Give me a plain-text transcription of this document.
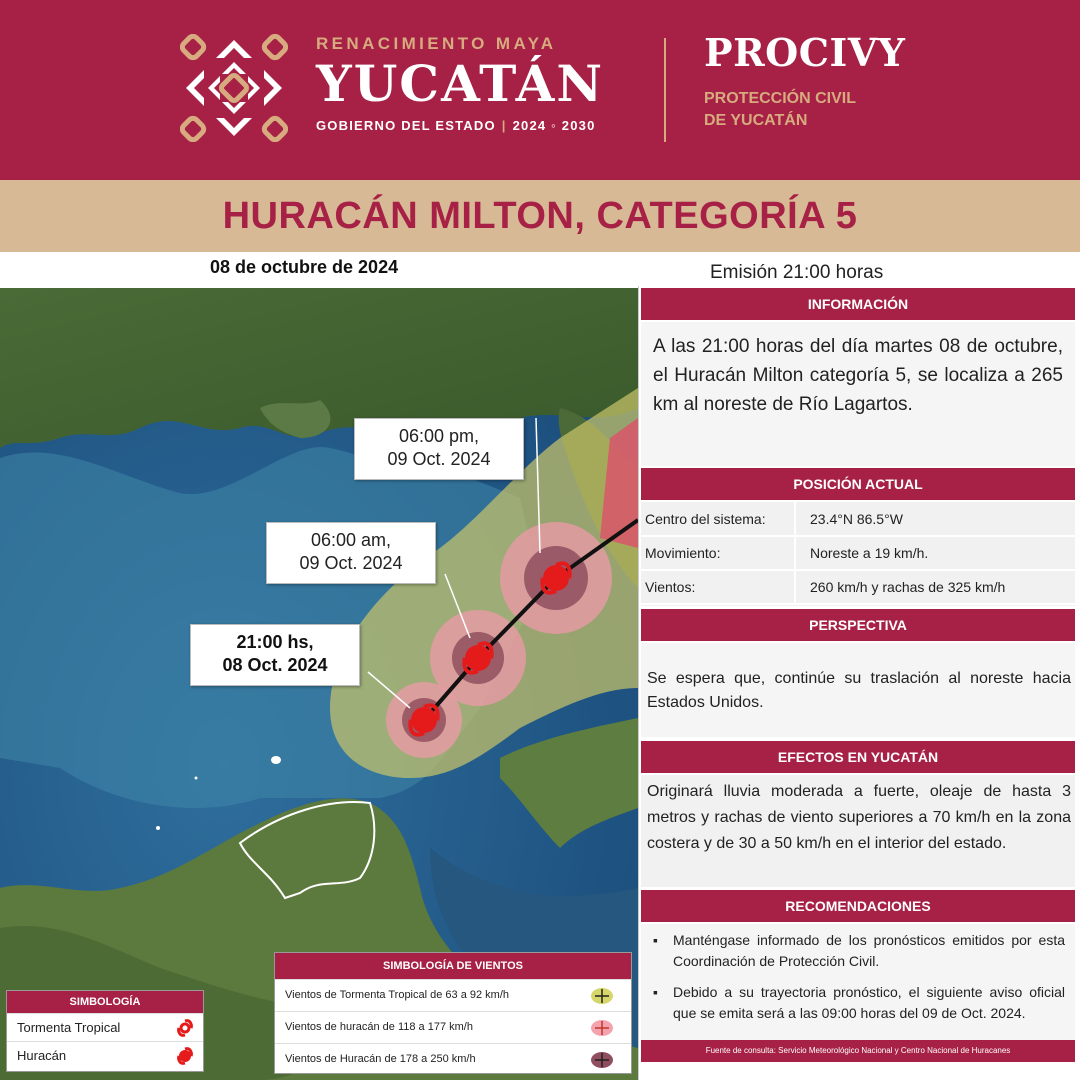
RENACIMIENTO MAYA
YUCATÁN
GOBIERNO DEL ESTADO | 2024 ◦ 2030
PROCIVY
PROTECCIÓN CIVIL
DE YUCATÁN
HURACÁN MILTON, CATEGORÍA 5
08 de octubre de 2024	Emisión 21:00 horas
06:00 pm,
09 Oct. 2024
06:00 am,
09 Oct. 2024
21:00 hs,
08 Oct. 2024
SIMBOLOGÍA
Tormenta Tropical
Huracán
SIMBOLOGÍA DE VIENTOS
Vientos de Tormenta Tropical de 63 a 92 km/h
Vientos de huracán de 118 a 177 km/h
Vientos de Huracán de 178 a 250 km/h
INFORMACIÓN
A las 21:00 horas del día martes 08 de octubre, el Huracán Milton categoría 5, se localiza a 265 km al noreste de Río Lagartos.
POSICIÓN ACTUAL
Centro del sistema:	23.4°N 86.5°W
Movimiento:	Noreste a 19 km/h.
Vientos:	260 km/h y rachas de 325 km/h
PERSPECTIVA
Se espera que, continúe su traslación al noreste hacia Estados Unidos.
EFECTOS EN YUCATÁN
Originará lluvia moderada a fuerte, oleaje de hasta 3 metros y rachas de viento superiores a 70 km/h en la zona costera y de 30 a 50 km/h en el interior del estado.
RECOMENDACIONES
▪ Manténgase informado de los pronósticos emitidos por esta Coordinación de Protección Civil.
▪ Debido a su trayectoria pronóstico, el siguiente aviso oficial que se emita será a las 09:00 horas del 09 de Oct. 2024.
Fuente de consulta: Servicio Meteorológico Nacional y Centro Nacional de Huracanes
